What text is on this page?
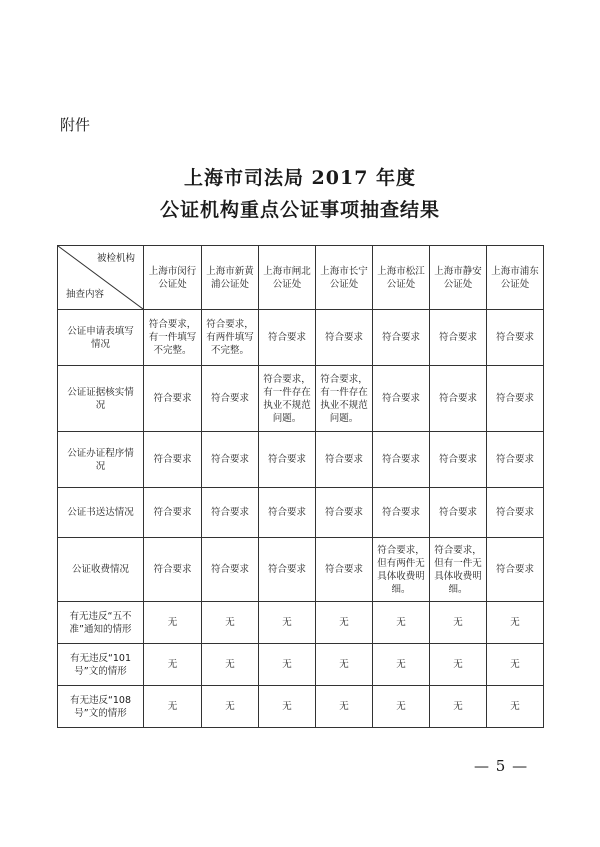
附件
上海市司法局 2017 年度
公证机构重点公证事项抽查结果
被检机构
抽查内容	上海市闵行公证处	上海市新黄浦公证处	上海市闸北公证处	上海市长宁公证处	上海市松江公证处	上海市静安公证处	上海市浦东公证处
公证申请表填写情况	符合要求，有一件填写不完整。	符合要求，有两件填写不完整。	符合要求	符合要求	符合要求	符合要求	符合要求
公证证据核实情况	符合要求	符合要求	符合要求，有一件存在执业不规范问题。	符合要求，有一件存在执业不规范问题。	符合要求	符合要求	符合要求
公证办证程序情况	符合要求	符合要求	符合要求	符合要求	符合要求	符合要求	符合要求
公证书送达情况	符合要求	符合要求	符合要求	符合要求	符合要求	符合要求	符合要求
公证收费情况	符合要求	符合要求	符合要求	符合要求	符合要求，但有两件无具体收费明细。	符合要求，但有一件无具体收费明细。	符合要求
有无违反“五不准”通知的情形	无	无	无	无	无	无	无
有无违反“101号”文的情形	无	无	无	无	无	无	无
有无违反“108号”文的情形	无	无	无	无	无	无	无
— 5 —
